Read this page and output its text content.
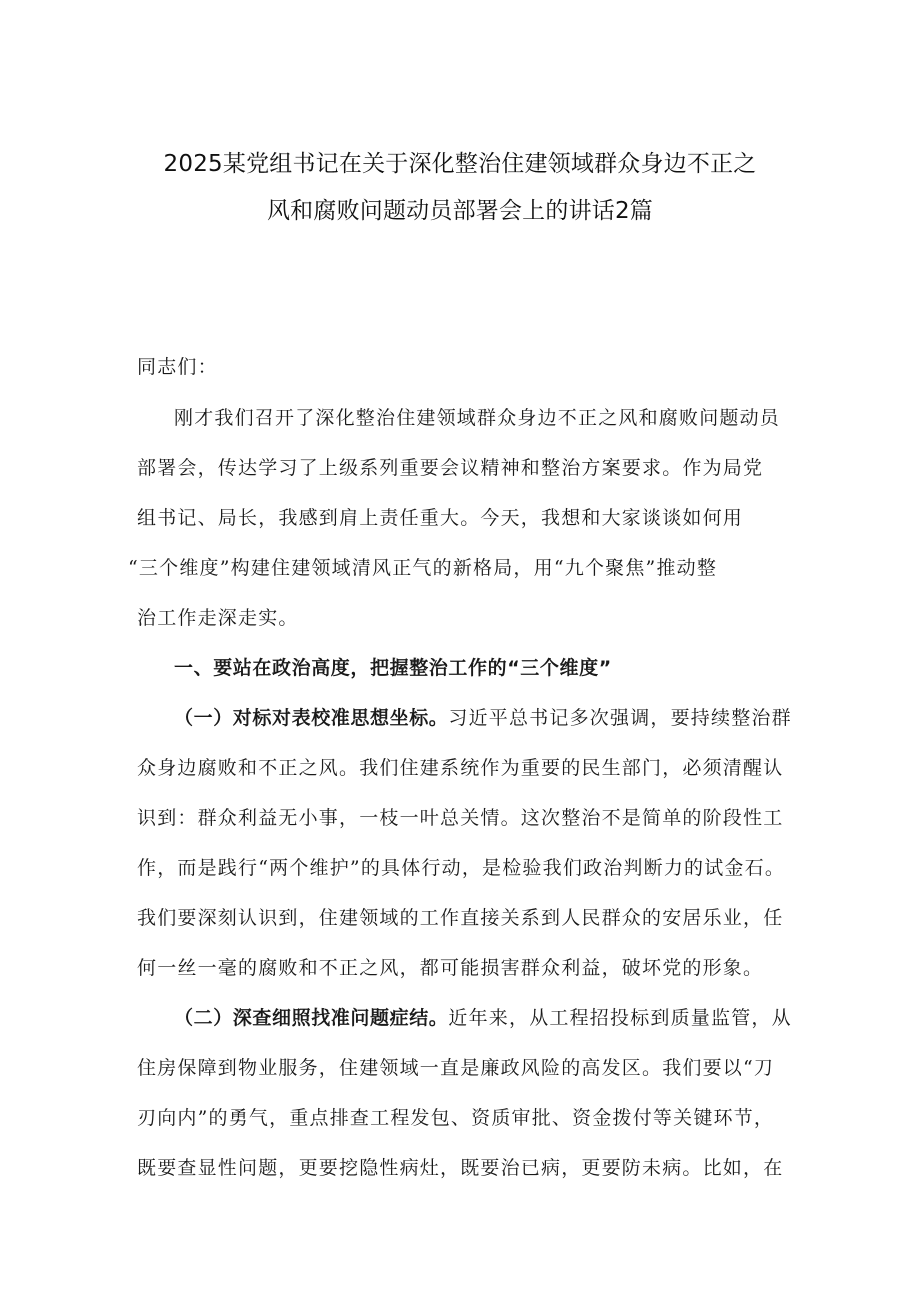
2025某党组书记在关于深化整治住建领域群众身边不正之
风和腐败问题动员部署会上的讲话2篇

同志们：

刚才我们召开了深化整治住建领域群众身边不正之风和腐败问题动员

部署会，传达学习了上级系列重要会议精神和整治方案要求。作为局党

组书记、局长，我感到肩上责任重大。今天，我想和大家谈谈如何用

“三个维度”构建住建领域清风正气的新格局，用“九个聚焦”推动整

治工作走深走实。

一、要站在政治高度，把握整治工作的“三个维度”

（一）对标对表校准思想坐标。习近平总书记多次强调，要持续整治群

众身边腐败和不正之风。我们住建系统作为重要的民生部门，必须清醒认

识到：群众利益无小事，一枝一叶总关情。这次整治不是简单的阶段性工

作，而是践行“两个维护”的具体行动，是检验我们政治判断力的试金石。

我们要深刻认识到，住建领域的工作直接关系到人民群众的安居乐业，任

何一丝一毫的腐败和不正之风，都可能损害群众利益，破坏党的形象。

（二）深查细照找准问题症结。近年来，从工程招投标到质量监管，从

住房保障到物业服务，住建领域一直是廉政风险的高发区。我们要以“刀

刃向内”的勇气，重点排查工程发包、资质审批、资金拨付等关键环节，

既要查显性问题，更要挖隐性病灶，既要治已病，更要防未病。比如，在
